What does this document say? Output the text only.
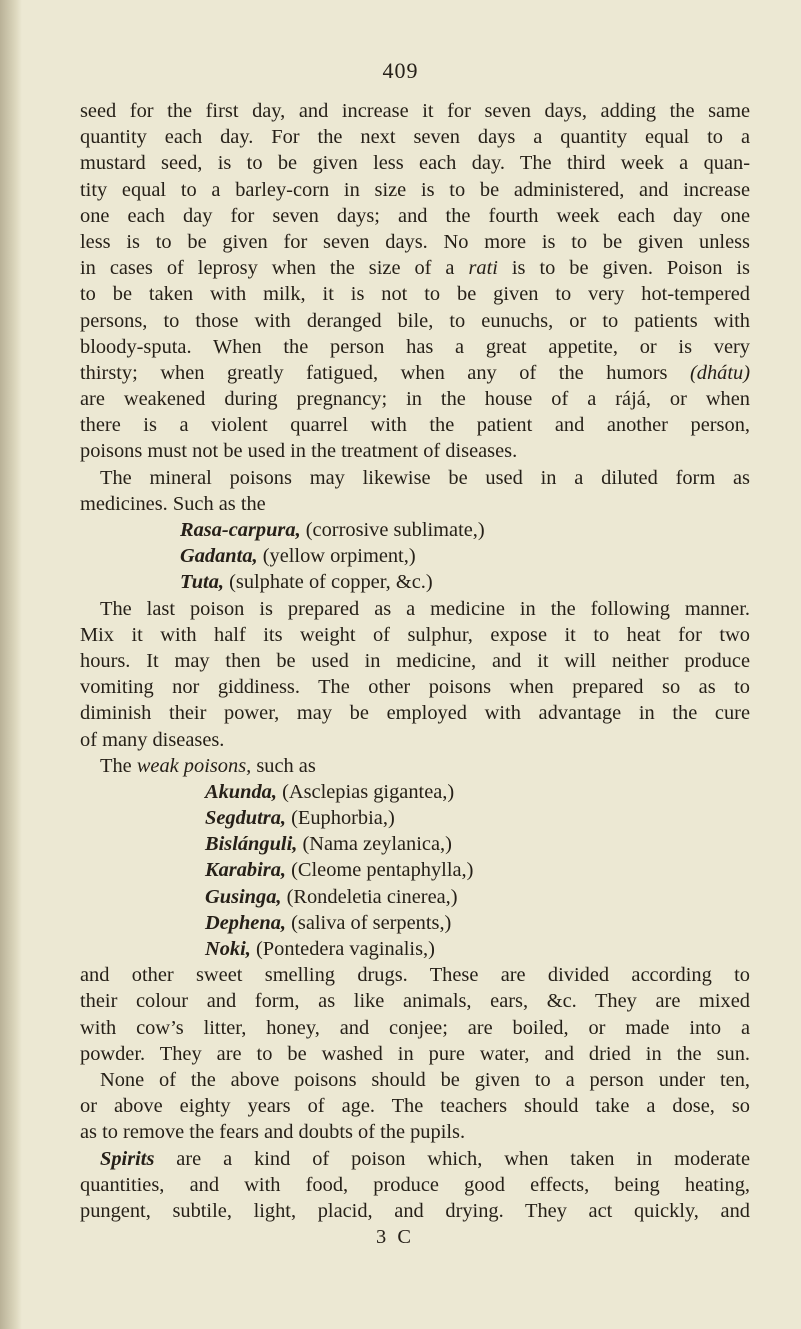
409
seed for the first day, and increase it for seven days, adding the same
quantity each day. For the next seven days a quantity equal to a
mustard seed, is to be given less each day. The third week a quan-
tity equal to a barley-corn in size is to be administered, and increase
one each day for seven days; and the fourth week each day one
less is to be given for seven days. No more is to be given unless
in cases of leprosy when the size of a rati is to be given. Poison is
to be taken with milk, it is not to be given to very hot-tempered
persons, to those with deranged bile, to eunuchs, or to patients with
bloody-sputa. When the person has a great appetite, or is very
thirsty; when greatly fatigued, when any of the humors (dhátu)
are weakened during pregnancy; in the house of a rájá, or when
there is a violent quarrel with the patient and another person,
poisons must not be used in the treatment of diseases.
The mineral poisons may likewise be used in a diluted form as
medicines. Such as the
Rasa-carpura, (corrosive sublimate,)
Gadanta, (yellow orpiment,)
Tuta, (sulphate of copper, &c.)
The last poison is prepared as a medicine in the following manner.
Mix it with half its weight of sulphur, expose it to heat for two
hours. It may then be used in medicine, and it will neither produce
vomiting nor giddiness. The other poisons when prepared so as to
diminish their power, may be employed with advantage in the cure
of many diseases.
The weak poisons, such as
Akunda, (Asclepias gigantea,)
Segdutra, (Euphorbia,)
Bislánguli, (Nama zeylanica,)
Karabira, (Cleome pentaphylla,)
Gusinga, (Rondeletia cinerea,)
Dephena, (saliva of serpents,)
Noki, (Pontedera vaginalis,)
and other sweet smelling drugs. These are divided according to
their colour and form, as like animals, ears, &c. They are mixed
with cow’s litter, honey, and conjee; are boiled, or made into a
powder. They are to be washed in pure water, and dried in the sun.
None of the above poisons should be given to a person under ten,
or above eighty years of age. The teachers should take a dose, so
as to remove the fears and doubts of the pupils.
Spirits are a kind of poison which, when taken in moderate
quantities, and with food, produce good effects, being heating,
pungent, subtile, light, placid, and drying. They act quickly, and
3 C
